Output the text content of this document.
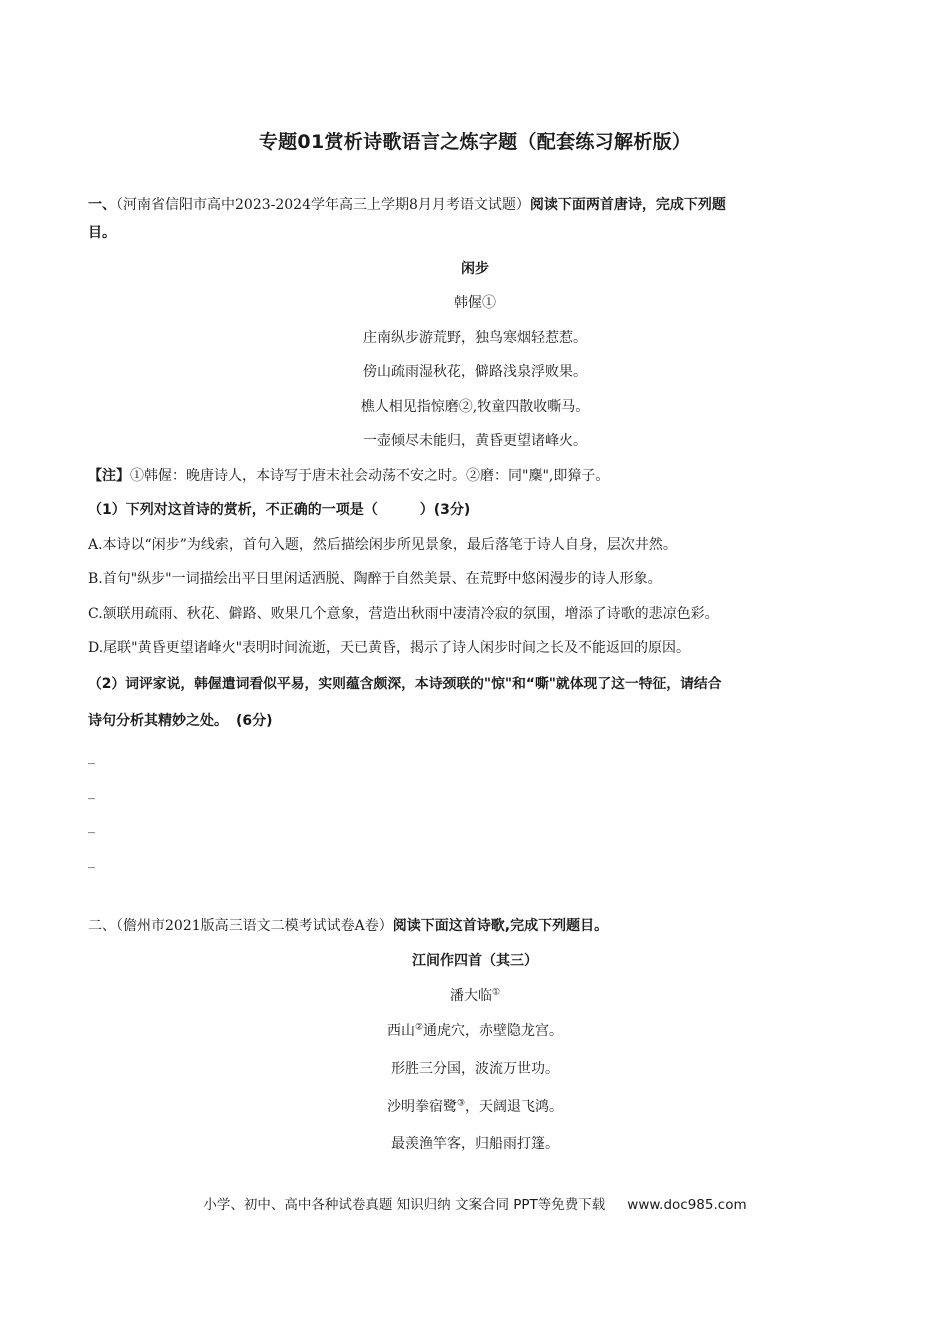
专题01赏析诗歌语言之炼字题（配套练习解析版）
一、（河南省信阳市高中2023-2024学年高三上学期8月月考语文试题）阅读下面两首唐诗，完成下列题
目。
闲步
韩偓①
庄南纵步游荒野，独鸟寒烟轻惹惹。
傍山疏雨湿秋花，僻路浅泉浮败果。
樵人相见指惊磨②,牧童四散收嘶马。
一壶倾尽未能归，黄昏更望诸峰火。
【注】①韩偓：晚唐诗人，本诗写于唐末社会动荡不安之时。②磨：同"麇",即獐子。
（1）下列对这首诗的赏析，不正确的一项是（　　　）(3分)
A.本诗以“闲步”为线索，首句入题，然后描绘闲步所见景象，最后落笔于诗人自身，层次井然。
B.首句"纵步"一词描绘出平日里闲适洒脱、陶醉于自然美景、在荒野中悠闲漫步的诗人形象。
C.颔联用疏雨、秋花、僻路、败果几个意象，营造出秋雨中凄清冷寂的氛围，增添了诗歌的悲凉色彩。
D.尾联"黄昏更望诸峰火"表明时间流逝，天已黄昏，揭示了诗人闲步时间之长及不能返回的原因。
（2）词评家说，韩偓遣词看似平易，实则蕴含颇深，本诗颈联的"惊"和“嘶"就体现了这一特征，请结合
诗句分析其精妙之处。 (6分)
_
_
_
_
二、（儋州市2021版高三语文二模考试试卷A卷）阅读下面这首诗歌,完成下列题目。
江间作四首（其三）
潘大临①
西山②通虎穴，赤壁隐龙宫。
形胜三分国，波流万世功。
沙明拳宿鹭③，天阔退飞鸿。
最羡渔竿客，归船雨打篷。
小学、初中、高中各种试卷真题 知识归纳 文案合同 PPT等免费下载 www.doc985.com
